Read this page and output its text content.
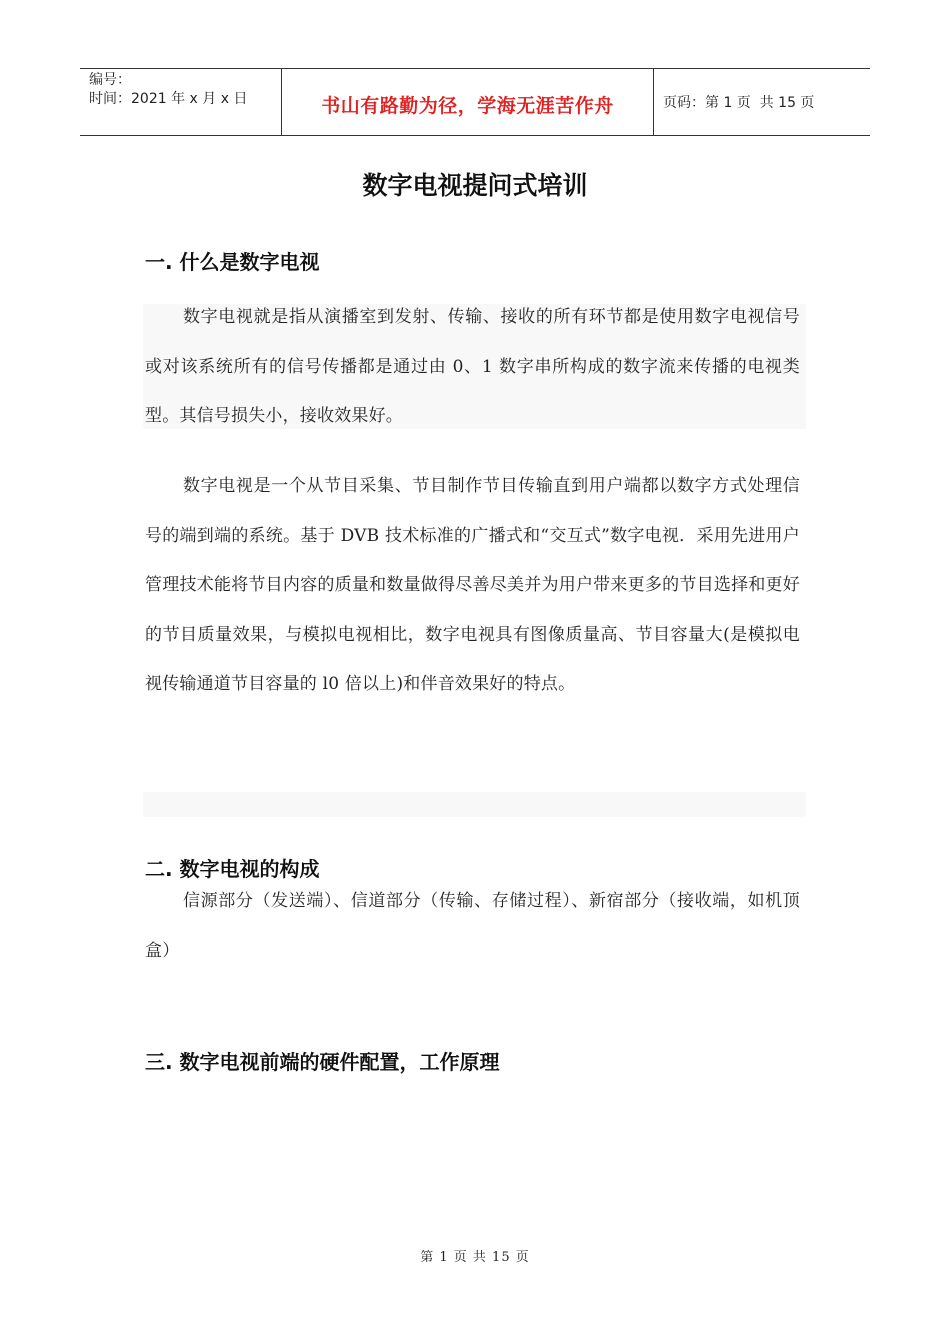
编号：
时间：2021 年 x 月 x 日	书山有路勤为径，学海无涯苦作舟	页码：第 1 页  共 15 页
数字电视提问式培训
一. 什么是数字电视
数字电视就是指从演播室到发射、传输、接收的所有环节都是使用数字电视信号或对该系统所有的信号传播都是通过由 0、1 数字串所构成的数字流来传播的电视类型。其信号损失小，接收效果好。
数字电视是一个从节目采集、节目制作节目传输直到用户端都以数字方式处理信号的端到端的系统。基于 DVB 技术标准的广播式和“交互式”数字电视．采用先进用户管理技术能将节目内容的质量和数量做得尽善尽美并为用户带来更多的节目选择和更好的节目质量效果，与模拟电视相比，数字电视具有图像质量高、节目容量大(是模拟电视传输通道节目容量的 l0 倍以上)和伴音效果好的特点。
二. 数字电视的构成
信源部分（发送端）、信道部分（传输、存储过程）、新宿部分（接收端，如机顶盒）
三. 数字电视前端的硬件配置，工作原理
第 1 页 共 15 页
